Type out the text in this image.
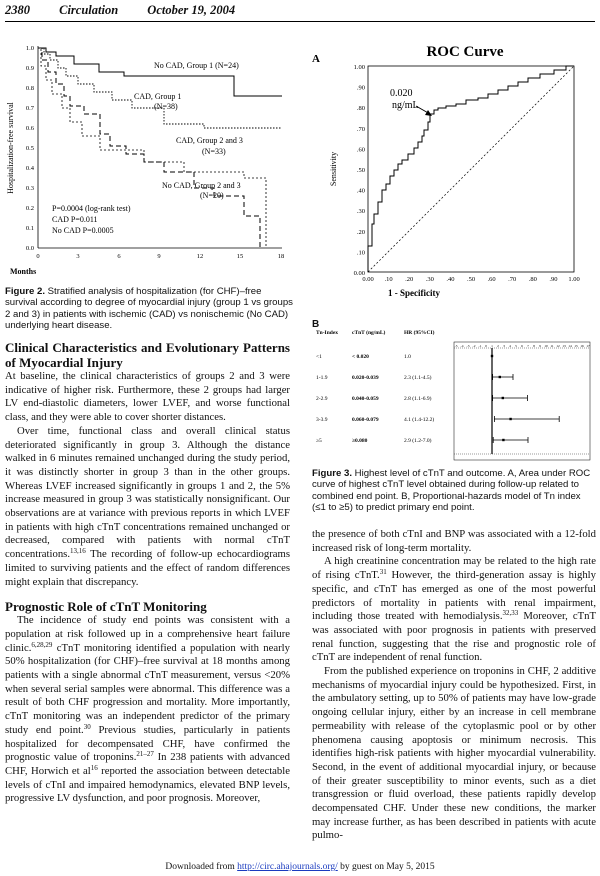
2380 Circulation October 19, 2004
1.0
0.9
0.8
0.7
0.6
0.5
0.4
0.3
0.2
0.1
0.0
Hospitalization-free survival
0	3	6	9	12	15	18
Months
No CAD, Group 1 (N=24)
CAD, Group 1
(N=38)
CAD, Group 2 and 3
(N=33)
No CAD, Group 2 and 3
(N=20)
P=0.0004 (log-rank test)
CAD P=0.011
No CAD P=0.0005
Figure 2. Stratified analysis of hospitalization (for CHF)–free survival according to degree of myocardial injury (group 1 vs groups 2 and 3) in patients with ischemic (CAD) vs nonischemic (No CAD) underlying heart disease.
Clinical Characteristics and Evolutionary Patterns of Myocardial Injury

At baseline, the clinical characteristics of groups 2 and 3 were indicative of higher risk. Furthermore, these 2 groups had larger LV end-diastolic diameters, lower LVEF, and worse functional class, and they were able to cover shorter distances.

Over time, functional class and overall clinical status deteriorated significantly in group 3. Although the distance walked in 6 minutes remained unchanged during the study period, it was distinctly shorter in group 3 than in the other groups. Whereas LVEF increased significantly in groups 1 and 2, the 5% increase measured in group 3 was statistically nonsignificant. Our observations are at variance with previous reports in which LVEF in patients with high cTnT concentrations remained unchanged or decreased, compared with patients with normal cTnT concentrations.$^{13,16}$ The recording of follow-up echocardiograms limited to surviving patients and the effect of random differences might explain that discrepancy.

Prognostic Role of cTnT Monitoring

The incidence of study end points was consistent with a population at risk followed up in a comprehensive heart failure clinic.$^{6,28,29}$ cTnT monitoring identified a population with nearly 50% hospitalization (for CHF)–free survival at 18 months among patients with a single abnormal cTnT measurement, versus <20% when several serial samples were abnormal. This difference was a result of both CHF progression and mortality. More importantly, cTnT monitoring was an independent predictor of the primary study end point.$^{30}$ Previous studies, particularly in patients hospitalized for decompensated CHF, have confirmed the prognostic value of troponins.$^{21-27}$ In 238 patients with advanced CHF, Horwich et $al^{16}$ reported the association between detectable levels of cTnI and impaired hemodynamics, elevated BNP levels, progressive LV dysfunction, and poor prognosis. Moreover,

A	ROC Curve
1.00
.90
.80
.70
.60
.50
.40
.30
.20
.10
0.00
0.00 .10 .20 .30 .40 .50 .60 .70 .80 .90 1.00
Sensitivity
1 - Specificity
0.020
ng/mL
B
Tn-Index	cTnT (ng/mL)	HR (95%CI)
<1	< 0.020	1.0
1-1.9	0.020-0.039	2.3 (1.1-4.5)
2-2.9	0.040-0.059	2.8 (1.1-6.9)
3-3.9	0.060-0.079	4.1 (1.4-12.2)
≥5	≥0.080	2.9 (1.2-7.0)
-5 -4 -3 -2 -1 0 1 2 3 4 5 6 7 8 9 10 11 12 13 14 15 16 17
Figure 3. Highest level of cTnT and outcome. A, Area under ROC curve of highest cTnT level obtained during follow-up related to combined end point. B, Proportional-hazards model of Tn index (≤1 to ≥5) to predict primary end point.

the presence of both cTnI and BNP was associated with a 12-fold increased risk of long-term mortality.

A high creatinine concentration may be related to the high rate of rising cTnT.$^{31}$ However, the third-generation assay is highly specific, and cTnT has emerged as one of the most powerful predictors of mortality in patients with renal impairment, including those treated with hemodialysis.$^{32,33}$ Moreover, cTnT was associated with poor prognosis in patients with preserved renal function, suggesting that the rise and prognostic role of cTnT are independent of renal function.

From the published experience on troponins in CHF, 2 additive mechanisms of myocardial injury could be hypothesized. First, in the ambulatory setting, up to 50% of patients may have low-grade ongoing cellular injury, either by an increase in cell membrane permeability with release of the cytoplasmic pool or by other phenomena causing apoptosis or minimum necrosis. This identifies high-risk patients with higher myocardial vulnerability. Second, in the event of additional myocardial injury, or because of their greater susceptibility to minor events, such as a diet transgression or fluid overload, these patients rapidly develop decompensated CHF. Under these new conditions, the marker may increase further, as has been described in patients with acute pulmo-

Downloaded from http://circ.ahajournals.org/ by guest on May 5, 2015
